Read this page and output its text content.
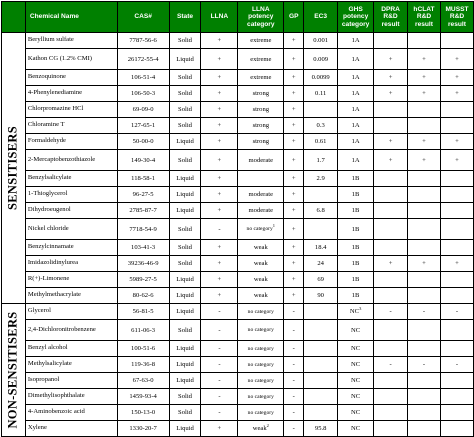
	Chemical Name	CAS#	State	LLNA	LLNA potency category	GP	EC3	GHS potency category	DPRA R&D result	hCLAT R&D result	MUSST R&D result

SENSITISERS	Beryllium sulfate	7787-56-6	Solid	+	extreme	+	0.001	1A			
	Kathon CG (1.2% CMI)	26172-55-4	Liquid	+	extreme	+	0.009	1A	+	+	+
	Benzoquinone	106-51-4	Solid	+	extreme	+	0.0099	1A	+	+	+
	4-Phenylenediamine	106-50-3	Solid	+	strong	+	0.11	1A	+	+	+
	Chlorpromazine HCl	69-09-0	Solid	+	strong	+		1A			
	Chloramine T	127-65-1	Solid	+	strong	+	0.3	1A			
	Formaldehyde	50-00-0	Liquid	+	strong	+	0.61	1A	+	+	+
	2-Mercaptobenzothiazole	149-30-4	Solid	+	moderate	+	1.7	1A	+	+	+
	Benzylsalicylate	118-58-1	Liquid	+		+	2.9	1B			
	1-Thioglycerol	96-27-5	Liquid	+	moderate	+		1B			
	Dihydroeugenol	2785-87-7	Liquid	+	moderate	+	6.8	1B			
	Nickel chloride	7718-54-9	Solid	-	no category$^1$	+		1B			
	Benzylcinnamate	103-41-3	Solid	+	weak	+	18.4	1B			
	Imidazolidinylurea	39236-46-9	Solid	+	weak	+	24	1B	+	+	+
	R(+)-Limonene	5989-27-5	Liquid	+	weak	+	69	1B			
	Methylmethacrylate	80-62-6	Liquid	+	weak	+	90	1B			

NON-SENSITISERS	Glycerol	56-81-5	Liquid	-	no category	-		$NC^3$	-	-	-
	2,4-Dichloronitrobenzene	611-06-3	Solid	-	no category	-		NC			
	Benzyl alcohol	100-51-6	Liquid	-	no category	-		NC			
	Methylsalicylate	119-36-8	Liquid	-	no category	-		NC	-	-	-
	Isopropanol	67-63-0	Liquid	-	no category	-		NC			
	Dimethylisophthalate	1459-93-4	Solid	-	no category	-		NC			
	4-Aminobenzoic acid	150-13-0	Solid	-	no category	-		NC			
	Xylene	1330-20-7	Liquid	+	weak$^2$	-	95.8	NC			
